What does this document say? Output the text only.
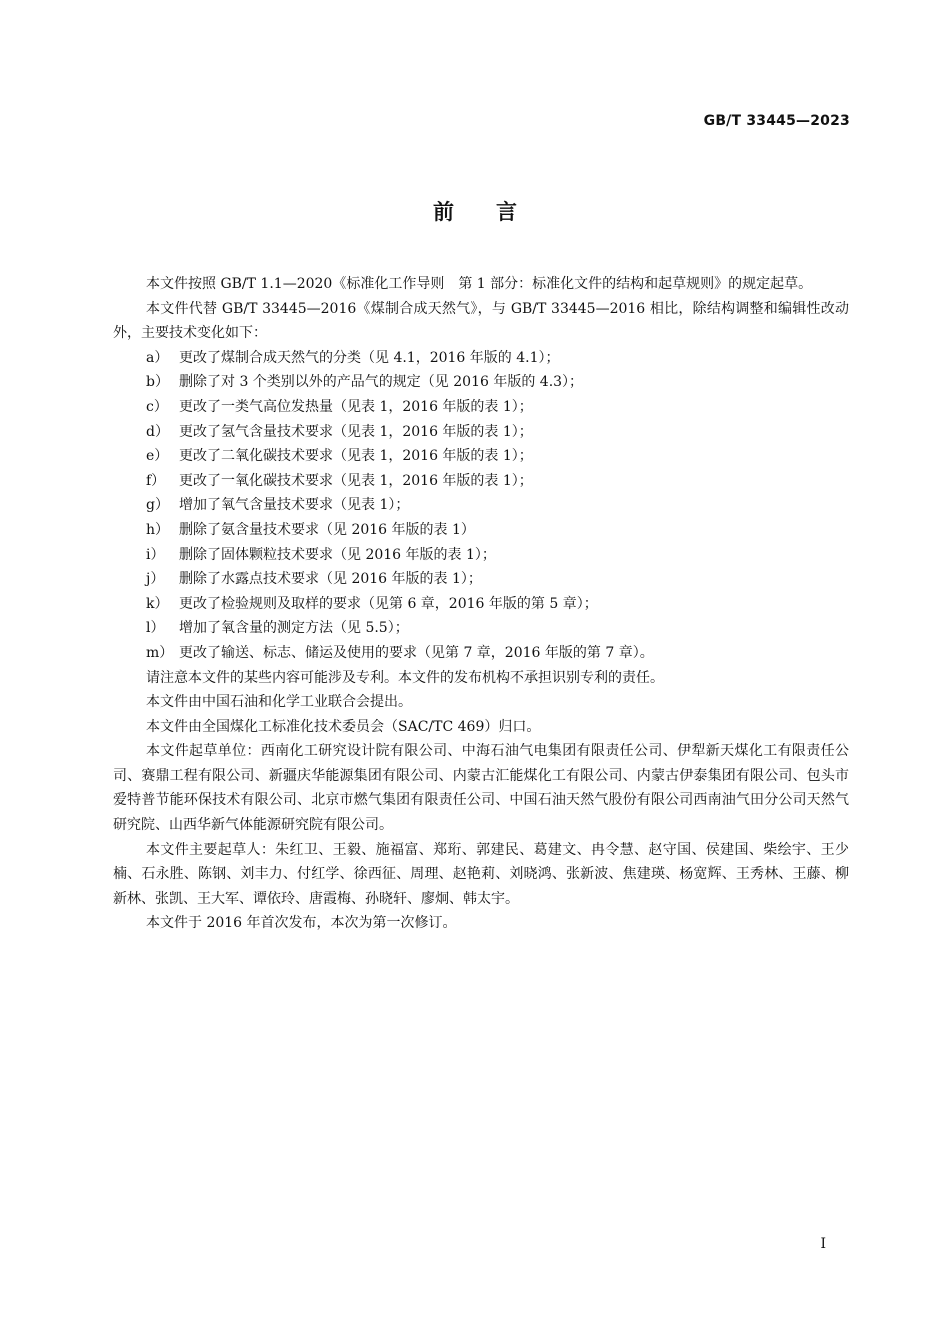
GB/T 33445—2023
前言

本文件按照 GB/T 1.1—2020《标准化工作导则　第 1 部分：标准化文件的结构和起草规则》的规定起草。

本文件代替 GB/T 33445—2016《煤制合成天然气》，与 GB/T 33445—2016 相比，除结构调整和编辑性改动外，主要技术变化如下：

a） 更改了煤制合成天然气的分类（见 4.1，2016 年版的 4.1）；
b） 删除了对 3 个类别以外的产品气的规定（见 2016 年版的 4.3）；
c） 更改了一类气高位发热量（见表 1，2016 年版的表 1）；
d） 更改了氢气含量技术要求（见表 1，2016 年版的表 1）；
e） 更改了二氧化碳技术要求（见表 1，2016 年版的表 1）；
f） 更改了一氧化碳技术要求（见表 1，2016 年版的表 1）；
g） 增加了氧气含量技术要求（见表 1）；
h） 删除了氨含量技术要求（见 2016 年版的表 1）
i） 删除了固体颗粒技术要求（见 2016 年版的表 1）；
j） 删除了水露点技术要求（见 2016 年版的表 1）；
k） 更改了检验规则及取样的要求（见第 6 章，2016 年版的第 5 章）；
l） 增加了氧含量的测定方法（见 5.5）；
m） 更改了输送、标志、储运及使用的要求（见第 7 章，2016 年版的第 7 章）。

请注意本文件的某些内容可能涉及专利。本文件的发布机构不承担识别专利的责任。

本文件由中国石油和化学工业联合会提出。

本文件由全国煤化工标准化技术委员会（SAC/TC 469）归口。

本文件起草单位：西南化工研究设计院有限公司、中海石油气电集团有限责任公司、伊犁新天煤化工有限责任公司、赛鼎工程有限公司、新疆庆华能源集团有限公司、内蒙古汇能煤化工有限公司、内蒙古伊泰集团有限公司、包头市爱特普节能环保技术有限公司、北京市燃气集团有限责任公司、中国石油天然气股份有限公司西南油气田分公司天然气研究院、山西华新气体能源研究院有限公司。

本文件主要起草人：朱红卫、王毅、施福富、郑珩、郭建民、葛建文、冉令慧、赵守国、侯建国、柴绘宇、王少楠、石永胜、陈钢、刘丰力、付红学、徐西征、周理、赵艳莉、刘晓鸿、张新波、焦建瑛、杨宽辉、王秀林、王藤、柳新林、张凯、王大军、谭依玲、唐霞梅、孙晓轩、廖炯、韩太宇。

本文件于 2016 年首次发布，本次为第一次修订。

I
